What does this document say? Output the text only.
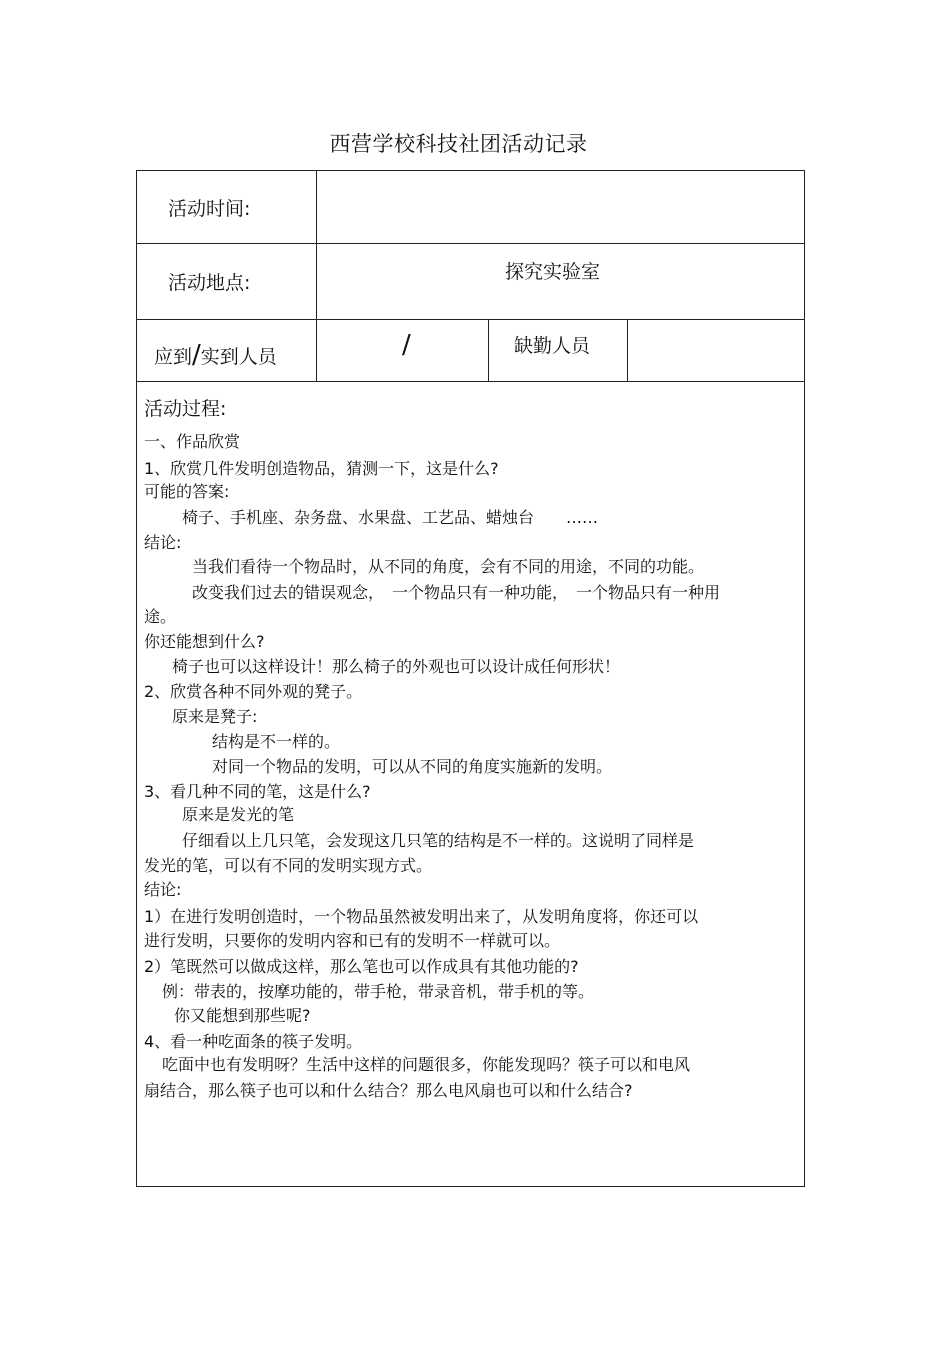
西营学校科技社团活动记录
活动时间:
活动地点:	探究实验室
应到/实到人员	/	缺勤人员
活动过程:
一、作品欣赏
1、欣赏几件发明创造物品，猜测一下，这是什么?
可能的答案:
椅子、手机座、杂务盘、水果盘、工艺品、蜡烛台　　……
结论:
当我们看待一个物品时，从不同的角度，会有不同的用途，不同的功能。
改变我们过去的错误观念，　一个物品只有一种功能，　一个物品只有一种用
途。
你还能想到什么?
椅子也可以这样设计！那么椅子的外观也可以设计成任何形状！
2、欣赏各种不同外观的凳子。
原来是凳子:
结构是不一样的。
对同一个物品的发明，可以从不同的角度实施新的发明。
3、看几种不同的笔，这是什么?
原来是发光的笔
仔细看以上几只笔，会发现这几只笔的结构是不一样的。这说明了同样是
发光的笔，可以有不同的发明实现方式。
结论:
1）在进行发明创造时，一个物品虽然被发明出来了，从发明角度将，你还可以
进行发明，只要你的发明内容和已有的发明不一样就可以。
2）笔既然可以做成这样，那么笔也可以作成具有其他功能的?
例：带表的，按摩功能的，带手枪，带录音机，带手机的等。
你又能想到那些呢?
4、看一种吃面条的筷子发明。
吃面中也有发明呀？生活中这样的问题很多，你能发现吗？筷子可以和电风
扇结合，那么筷子也可以和什么结合？那么电风扇也可以和什么结合?
